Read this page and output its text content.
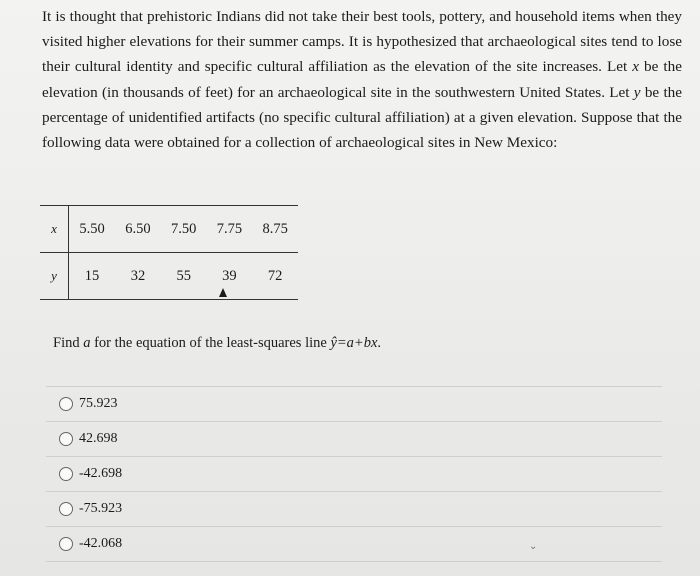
It is thought that prehistoric Indians did not take their best tools, pottery, and household items when they visited higher elevations for their summer camps. It is hypothesized that archaeological sites tend to lose their cultural identity and specific cultural affiliation as the elevation of the site increases. Let x be the elevation (in thousands of feet) for an archaeological site in the southwestern United States. Let y be the percentage of unidentified artifacts (no specific cultural affiliation) at a given elevation. Suppose that the following data were obtained for a collection of archaeological sites in New Mexico:

x	5.50	6.50	7.50	7.75	8.75
y	15	32	55	39	72

Find a for the equation of the least-squares line ŷ=a+bx.

75.923
42.698
-42.698
-75.923
-42.068	⌄
